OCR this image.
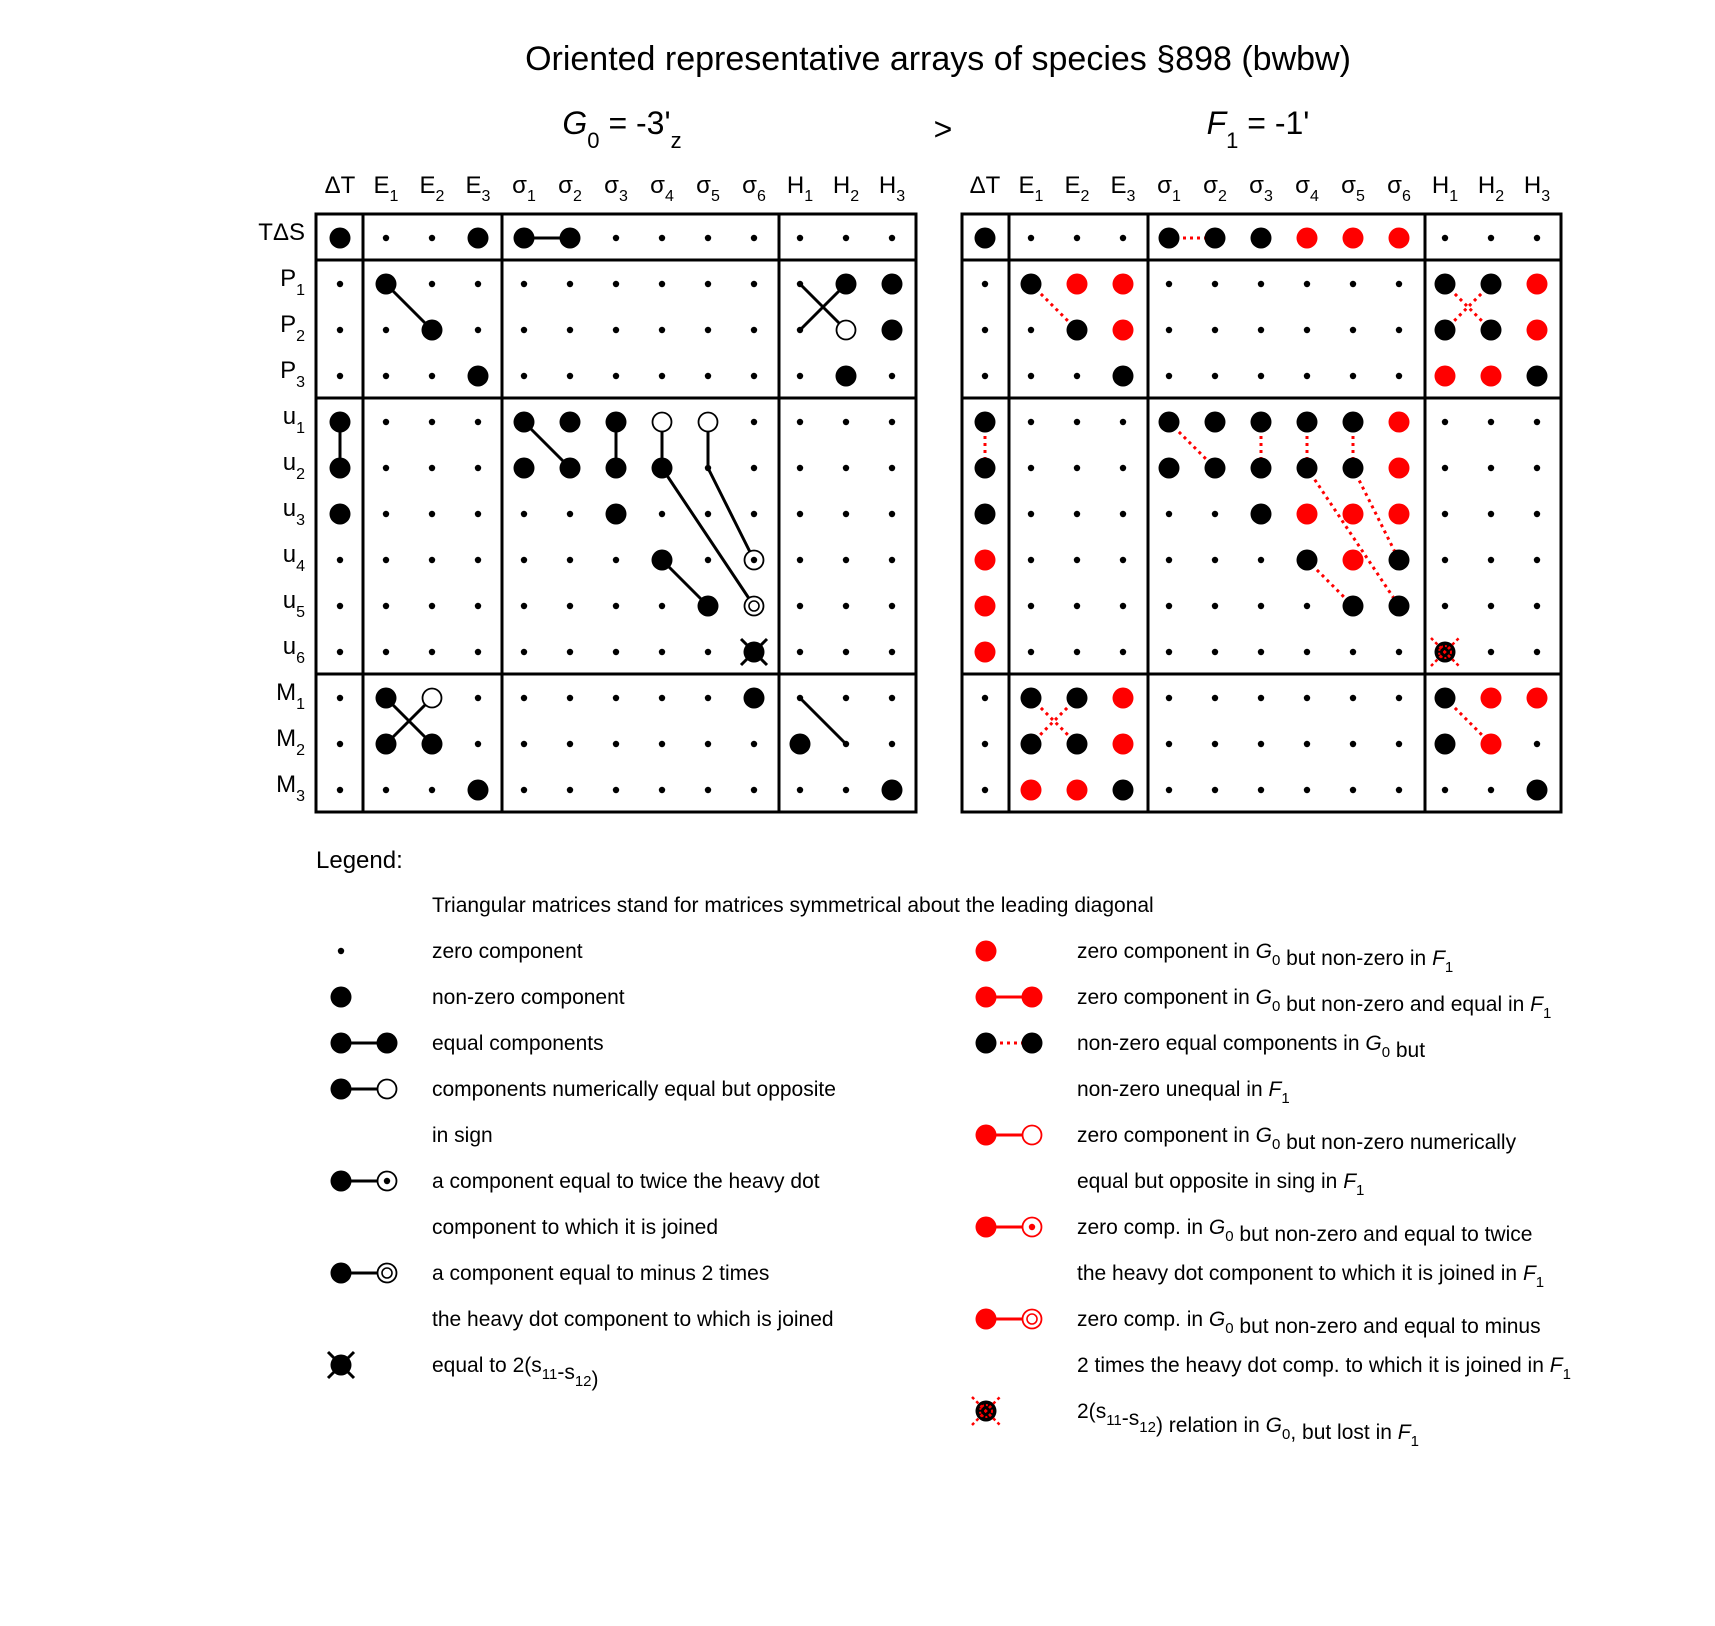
Oriented representative arrays of species §898 (bwbw)
$G_0 = -3'_z$	>	$F_1 = -1'$
ΔT $E_1$ $E_2$ $E_3$ $\sigma_1$ $\sigma_2$ $\sigma_3$ $\sigma_4$ $\sigma_5$ $\sigma_6$ $H_1$ $H_2$ $H_3$
TΔS
$P_1$
$P_2$
$P_3$
$u_1$
$u_2$
$u_3$
$u_4$
$u_5$
$u_6$
$M_1$
$M_2$
$M_3$
ΔT $E_1$ $E_2$ $E_3$ $\sigma_1$ $\sigma_2$ $\sigma_3$ $\sigma_4$ $\sigma_5$ $\sigma_6$ $H_1$ $H_2$ $H_3$
Legend:
Triangular matrices stand for matrices symmetrical about the leading diagonal
zero component
non-zero component
equal components
components numerically equal but opposite
in sign
a component equal to twice the heavy dot
component to which it is joined
a component equal to minus 2 times
the heavy dot component to which is joined
equal to $2(s_{11}-s_{12})$
zero component in $G_0$ but non-zero in $F_1$
zero component in $G_0$ but non-zero and equal in $F_1$
non-zero equal components in $G_0$ but
non-zero unequal in $F_1$
zero component in $G_0$ but non-zero numerically
equal but opposite in sing in $F_1$
zero comp. in $G_0$ but non-zero and equal to twice
the heavy dot component to which it is joined in $F_1$
zero comp. in $G_0$ but non-zero and equal to minus
2 times the heavy dot comp. to which it is joined in $F_1$
$2(s_{11}-s_{12})$ relation in $G_0$, but lost in $F_1$
